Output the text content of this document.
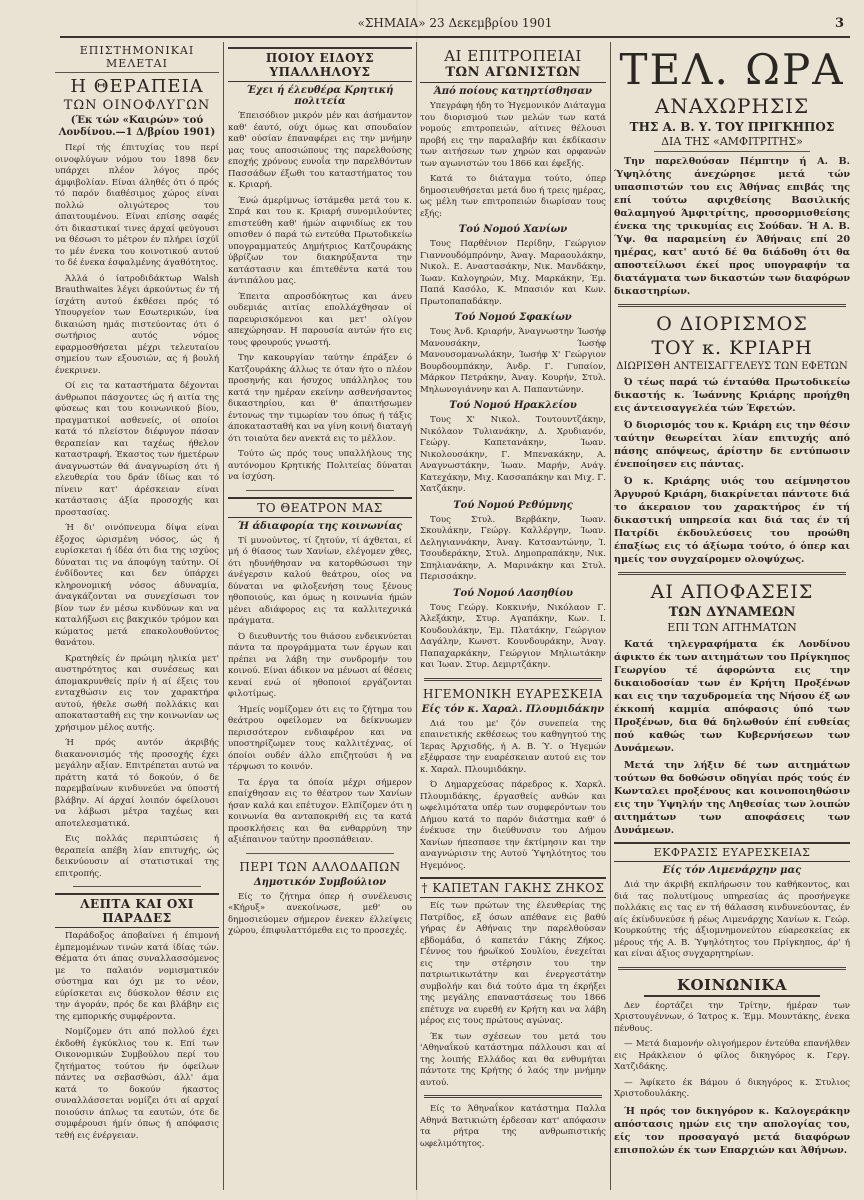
«ΣΗΜΑΙΑ» 23 Δεκεμβρίου 1901	3
ΕΠΙΣΤΗΜΟΝΙΚΑΙ ΜΕΛΕΤΑΙ
Η ΘΕΡΑΠΕΙΑ
ΤΩΝ ΟΙΝΟΦΛΥΓΩΝ
(Έκ τών «Καιρών» τού Λονδίνου.—1 Δ/βρίου 1901)

Περί τής έπιτυχίας του περί οινοφλύγων νόμου του 1898 δεν υπάρχει πλέον λόγος πρός άμφιβολίαν. Είναι άληθές ότι ό πρός τό παρόν διαθέσιμος χώρος είναι πολλώ ολιγώτερος του άπαιτουμένου. Είναι επίσης σαφές ότι δικαστικαί τινες άρχαί φεύγουσι να θέσωσι το μέτρον έν πλήρει ίσχύϊ το μέν ένεκα του κοινοτικού αυτού το δέ ένεκα έσφαλμένης άγαθότητος.

Άλλά ό ίατροδιδάκτωρ Walsh Brauthwaites λέγει άρκούντως έν τή ίσχάτη αυτού έκθέσει πρός τό Υπουργείον των Εσωτερικών, ίνα δικαιώση ημάς πιστεύοντας ότι ό σωτήριος αυτός νόμος εφαρμοσθήσεται μέχρι τελευταίου σημείου των εξουσιών, ας ή βουλή ένεκρινεν.

Οί εις τα καταστήματα δέχονται άνθρωποι πάσχοντες ώς ή αιτία της φύσεως και του κοινωνικού βίου, πραγματικοί ασθενείς, οί οποίοι κατά τό πλείστον διέφυγον πάσαν θεραπείαν και ταχέως ήθελον καταστραφή. Έκαστος των ήμετέρων άναγνωστών θά άναγνωρίση ότι ή ελευθερία του δράν ίδίως και τό πίνειν κατ' άρέσκειαν είναι κατάστασις άξία προσοχής και προστασίας.

Ή δι' οινόπνευμα δίψα είναι έξοχος ώρισμένη νόσος, ώς ή ευρίσκεται ή ίδέα ότι δια της ισχύος δύναται τις να άποφύγη ταύτην. Οί ένδίδοντες και δεν ύπάρχει κληρονομική νόσος άδυναμία, άναγκάζονται να συνεχίσωσι τον βίον των έν μέσω κινδύνων και να καταλήξωσι εις βακχικόν τρόμον και κώματος μετά επακολουθούντος θανάτου.

Κρατηθείς έν πρώιμη ηλικία μετ' αυστηρότητος και συνέσεως και άπομακρυνθείς πρίν ή αί έξεις του ενταχθώσιν εις τον χαρακτήρα αυτού, ήθελε σωθή πολλάκις και αποκατασταθή εις την κοινωνίαν ως χρήσιμον μέλος αυτής.

Ή πρός αυτόν άκριβής διακανονισμός τής προσοχής έχει μεγάλην αξίαν. Επιτρέπεται αυτώ να πράττη κατά τό δοκούν, ό δε παρεμβαίνων κινδυνεύει να ύποστή βλάβην. Αί άρχαί λοιπόν όφείλουσι να λάβωσι μέτρα ταχέως και αποτελεσματικά.

Εις πολλάς περιπτώσεις ή θεραπεία απέβη λίαν επιτυχής, ώς δεικνύουσιν αί στατιστικαί της επιτροπής.

ΛΕΠΤΑ ΚΑΙ ΟΧΙ ΠΑΡΑΔΕΣ

Παράδοξος άποβαίνει ή έπιμονή έμπεμομένων τινών κατά ίδίας τών. Θέματα ότι άπας συναλλασσόμενος με το παλαιόν νομισματικόν σύστημα και όχι με το νέον, εύρίσκεται εις δύσκολον θέσιν εις την άγοράν, πρός δε και βλάβην εις της εμπορικής συμφέροντα.

Νομίζομεν ότι από πολλού έχει έκδοθή έγκύκλιος του κ. Επί των Οικονομικών Συμβούλου περί του ζητήματος τούτου ήν όφείλων πάντες να σεβασθώσι, άλλ' άμα κατά το δοκούν ήκαστος συναλλάσσεται νομίζει ότι αί αρχαί ποιούσιν άπλως τα εαυτών, ότε δε συμφέρουσι ήμίν όπως ή απόφασις τεθή εις ένέργειαν.

ΠΟΙΟΥ ΕΙΔΟΥΣ ΥΠΑΛΛΗΛΟΥΣ
Έχει ή έλευθέρα Κρητική πολιτεία

Έπεισόδιον μικρόν μέν και άσήμαντον καθ' έαυτό, ούχι όμως και σπουδαίον καθ' ούσίαν έπαναφέρει εις την μνήμην μας τους αποσιώπους της παρελθούσης εποχής χρόνους ευνοΐα την παρελθόντων Πασσάδων έξωθι του καταστήματος του κ. Κριαρή.

Ένώ άμερίμνως ίστάμεθα μετά του κ. Σπρά και του κ. Κριαρή συνομιλούντες επιστεύθη καθ' ήμών αιφνιδίως εκ του οπισθεν ό παρά τώ εντεύθα Πρωτοδικείω υπογραμματεύς Δημήτριος Κατζουράκης ύβρίζων τον διακηρύξαντα την κατάστασιν και έπιτεθέντα κατά του άντιπάλου μας.

Έπειτα απροσδόκητως και άνευ ουδεμιάς αιτίας επολλάχθησαν οί παρευρισκόμενοι και μετ' ολίγον απεχώρησαν. Η παρουσία αυτών ήτο εις τους φρουρούς γνωστή.

Την κακουργίαν ταύτην έπράξεν ό Κατζουράκης άλλως τε όταν ήτο ο πλέον προσηνής και ήσυχος υπάλληλος του κατά την ημέραν εκείνην ασθενήσαντος δικαστηρίου, και θ' άπαιτήσωμεν έντονως την τιμωρίαν του όπως ή τάξις άποκατασταθή και να γίνη κοινή διαταγή ότι τοιαύτα δεν ανεκτά εις το μέλλον.

Τούτο ώς πρός τους υπαλλήλους της αυτόνομου Κρητικής Πολιτείας δύναται να ίσχύση.

ΤΟ ΘΕΑΤΡΟΝ ΜΑΣ
Ή άδιαφορία της κοινωνίας

Τί μυνούντος, τί ζητούν, τί άχθεται, εί μή ό θίασος των Χανίων, ελέγομεν χθες, ότι ηδυνήθησαν να κατορθώσωσι την άνέγερσιν καλού θεάτρου, οίος να δύναται να φιλοξενήση τους ξένους ηθοποιούς, και όμως η κοινωνία ήμών μένει αδιάφορος εις τα καλλιτεχνικά πράγματα.

Ό διευθυντής του θιάσου ενδεικνύεται πάντα τα προγράμματα των έργων και πρέπει να λάβη την συνδρομήν του κοινού. Είναι άδικον να μένωσι αί θέσεις κεναί ενώ οί ηθοποιοί εργάζονται φιλοτίμως.

Ήμείς νομίζομεν ότι εις το ζήτημα του θεάτρου οφείλομεν να δείκνυωμεν περισσότερον ενδιαφέρον και να υποστηρίζωμεν τους καλλιτέχνας, οί όποίοι ουδέν άλλο επιζητούσι ή να τέρψωσι το κοινόν.

Τα έργα τα όποία μέχρι σήμερον επαίχθησαν εις το θέατρον των Χανίων ήσαν καλά και επέτυχον. Ελπίζομεν ότι η κοινωνία θα ανταποκριθή εις τα κατά προσκλήσεις και θα ενθαρρύνη την αξιέπαινον ταύτην προσπάθειαν.

ΠΕΡΙ ΤΩΝ ΑΛΛΟΔΑΠΩΝ
Δημοτικόν Συμβούλιον

Είς το ζήτημα όπερ ή συνέλευσις «Κήρυξ» ανεκοίνωσε, μεθ' ου δημοσιεύομεν σήμερον ένεκεν έλλείψεις χώρου, έπιφυλαττόμεθα εις το προσεχές.

ΑΙ ΕΠΙΤΡΟΠΕΙΑΙ
ΤΩΝ ΑΓΩΝΙΣΤΩΝ
Άπό ποίους κατηρτίσθησαν

Υπεγράφη ήδη το Ήγεμονικόν Διάταγμα του διορισμού των μελών των κατά νομούς επιτροπειών, αίτινες θέλουσι προβή εις την παραλαβήν και έκδίκασιν των αιτήσεων των χηρών και ορφανών των αγωνιστών του 1866 και έφεξής.

Κατά το διάταγμα τούτο, όπερ δημοσιευθήσεται μετά δυο ή τρεις ημέρας, ως μέλη των επιτροπειών διωρίσαν τους εξής:

Τού Νομού Χανίων

Τους Παρθένιον Περίδην, Γεώργιον Γιαννουδόμπρόνην, Άναγ. Μαραουλάκην, Νικολ. Ε. Αναστασάκην, Νικ. Μανδάκην, Ίωαν. Καλογηρών, Μιχ. Μαρκάκην, Έμ. Παπά Κασόλο, Κ. Μπασιόν και Κων. Πρωτοπαπαδάκην.

Τού Νομού Σφακίων

Τους Άνδ. Κριαρήν, Άναγνωστην Ίωσήφ Μανουσάκην, Ίωσήφ Μανουσομανωλάκην, Ίωσήφ Χ' Γεώργιον Βουρδουμπάκην, Άνδρ. Γ. Γυπαίον, Μάρκον Πετράκην, Άναγ. Κουρήν, Στυλ. Μηλωνογιάννην και Α. Παπαντώνην.

Τού Νομού Ηρακλείου

Τους Χ' Νικολ. Τουτουντζάκην, Νικόλαον Τυλιανάκην, Δ. Χρυδιανόν, Γεώργ. Καπετανάκην, Ίωαν. Νικολουσάκην, Γ. Μπενακάκην, Α. Αναγνωστάκην, Ίωαν. Μαρήν, Ανάγ. Κατεχάκην, Μιχ. Κασσαπάκην και Μιχ. Γ. Χατζάκην.

Τού Νομού Ρεθύμνης

Τους Στυλ. Βερβάκην, Ίωαν. Σκουλάκην, Γεώργ. Καλλέργην, Ίωαν. Δεληγιαννάκην, Άναγ. Κατσαντώνην, Ί. Τσουδεράκην, Στυλ. Δημοπραπάκην, Νικ. Σπηλιανάκην, Α. Μαρινάκην και Στυλ. Περισσάκην.

Τού Νομού Λασηθίου

Τους Γεώργ. Κοκκινήν, Νικόλαον Γ. Άλεξάκην, Στυρ. Αγαπάκην, Κων. Ι. Κουδουλάκην, Έμ. Πλατάκην, Γεώργιον Δαγάλην, Κωνστ. Κουνδουράκην, Άναγ. Παπαχαρκάκην, Γεώργιον Μηλιωτάκην και Ίωαν. Στυρ. Δεμιρτζάκην.

ΗΓΕΜΟΝΙΚΗ ΕΥΑΡΕΣΚΕΙΑ
Είς τόν κ. Χαραλ. Πλουμιδάκην

Διά του με' ζόν συνεπεία της επαινετικής εκθέσεως του καθηγητού της Ίερας Άρχισδής, ή Α. Β. Ύ. ο Ήγεμών εξέφρασε την ευαρέσκειαν αυτού εις τον κ. Χαραλ. Πλουμιδάκην.

Ό Δημαρχεύσας πάρεδρος κ. Χαρκλ. Πλουμιδάκης, έργασθείς ανθών και ωφελιμότατα υπέρ των συμφερόντων του Δήμου κατά το παρόν διάστημα καθ' ό ένέκυσε την διεύθυνσιν του Δήμου Χανίων ήπεσπασε την έκτίμησιν και την αναγνώρισιν της Αυτού Ύψηλότητος του Ηγεμόνος.

† ΚΑΠΕΤΑΝ ΓΑΚΗΣ ΖΗΚΟΣ

Είς των πρώτων της έλευθερίας της Πατρίδος, εξ όσων απέθανε εις βαθύ γήρας έν Αθήναις την παρελθούσαν εβδομάδα, ό καπετάν Γάκης Ζήκος. Γέννος του ήρωϊκού Σουλίου, ένεχείται εις την στέρησιν του την πατριωτικωτάτην και ένεργεστάτην συμβολήν και διά τούτο άμα τη έκρήξει της μεγάλης επαναστάσεως του 1866 επέτυχε να ευρεθή εν Κρήτη και να λάβη μέρος εις τους πρώτους αγώνας.

Έκ των σχέσεων του μετά του 'Αθηναΐκού κατάστημα πάλλουσι και αί της λοιπής Ελλάδος και θα ενθυμήται πάντοτε της Κρήτης ό λαός την μνήμην αυτού.

Είς το Άθηναΐκον κατάστημα Παλλα Αθηνά Βατικιώτη έρδεσαν κατ' απόφασιν τα ρήτρα της ανθρωπιστικής ωφελιμότητος.

ΤΕΛ. ΩΡΑ
ΑΝΑΧΩΡΗΣΙΣ
ΤΗΣ Α. Β. Υ. ΤΟΥ ΠΡΙΓΚΗΠΟΣ
ΔΙΑ ΤΗΣ «ΑΜΦΙΤΡΙΤΗΣ»

Την παρελθούσαν Πέμπτην ή Α. Β. Ύψηλότης άνεχώρησε μετά τών υπασπιστών του εις Άθήνας επιβάς της επί τούτω αφιχθείσης Βασιλικής θαλαμηγού Άμφιτρίτης, προσορμισθείσης ένεκα της τρικυμίας εις Σούδαν. Ή Α. Β. Ύψ. θα παραμείνη έν Άθήναις επί 20 ημέρας, κατ' αυτό δέ θα διάδοθη ότι θα αποστείλωσι έκεί προς υπογραφήν τα διατάγματα των δικαστών των διαφόρων δικαστηρίων.

Ο ΔΙΟΡΙΣΜΟΣ
ΤΟΥ κ. ΚΡΙΑΡΗ
ΔΙΩΡΙΣΘΗ ΑΝΤΕΙΣΑΓΓΕΛΕΥΣ ΤΩΝ ΕΦΕΤΩΝ

Ό τέως παρά τώ ένταύθα Πρωτοδικείω δικαστής κ. Ίωάννης Κριάρης προήχθη εις άντεισαγγελέα τών Έφετών.

Ό διορισμός του κ. Κριάρη εις την θέσιν ταύτην θεωρείται λίαν επιτυχής από πάσης απόψεως, άρίστην δε εντύπωσιν ένεποίησεν εις πάντας.

Ό κ. Κριάρης υιός του αείμνηστου Άργυρού Κριάρη, διακρίνεται πάντοτε διά το άκεραιον του χαρακτήρος έν τή δικαστική υπηρεσία και διά τας έν τή Πατρίδι έκδουλεύσεις του προώθη έπαξίως εις τό άξίωμα τούτο, ό όπερ και ημείς τον συγχαίρομεν ολοψύχως.

ΑΙ ΑΠΟΦΑΣΕΙΣ
ΤΩΝ ΔΥΝΑΜΕΩΝ
ΕΠΙ ΤΩΝ ΑΙΤΗΜΑΤΩΝ

Κατά τηλεγραφήματα έκ Λονδίνου άφικτο έκ των αιτημάτων του Πρίγκηπος Γεωργίου τέ άφορώντα εις την δικαιοδοσίαν των έν Κρήτη Προξένων και εις την ταχυδρομεία της Νήσου έξ ων έκκοπή καμμία απόφασις ύπό των Προξένων, δια θά δηλωθούν έπί ευθείας πού καθώς των Κυβερνήσεων των Δυνάμεων.

Μετά την λήξιν δέ των αιτημάτων τούτων θα δοθώσιν οδηγίαι πρός τούς έν Κωνταλει προξένους και κοινοποιηθώσιν εις την Ύψηλήν της Ληθεσίας των λοιπών αιτημάτων των αποφάσεις των Δυνάμεων.

ΕΚΦΡΑΣΙΣ ΕΥΑΡΕΣΚΕΙΑΣ
Είς τόν Λιμενάρχην μας

Διά την άκριβή εκπλήρωσιν του καθήκοντος, και διά τας πολυτίμους υπηρεσίας άς προσήνεγκε πολλάκις εις τας εν τή θάλασση κινδυνεύοντας, έν αίς έκίνδυνεύσε ή ρέως Λιμενάρχης Χανίων κ. Γεώρ. Κουρκούτης τής άξιομνημονεύτου εύαρεσκείας εκ μέρους τής Α. Β. Ύψηλότητος του Πρίγκηπος, άρ' ή και είναι άξιος συγχαρητηρίων.

ΚΟΙΝΩΝΙΚΑ

Δεν έορτάζει την Τρίτην, ήμέραν των Χριστουγέννων, ό Ίατρος κ. Έμμ. Μουντάκης, ένεκα πένθους.

— Μετά διαμονήν ολιγοήμερον έντεύθα επανήλθεν εις Ηράκλειον ό φίλος δικηγόρος κ. Γεργ. Χατζιδάκης.

— Άφίκετο έκ Βάμου ό δικηγόρος κ. Στυλιος Χριστοδουλάκης.

Ή πρός τον δικηγόρον κ. Καλογεράκην απόστασις ημών εις την απολογίας του, είς τον προσαγαγό μετά διαφόρων επισπολών έκ των Επαρχιών και Άθήνων.
